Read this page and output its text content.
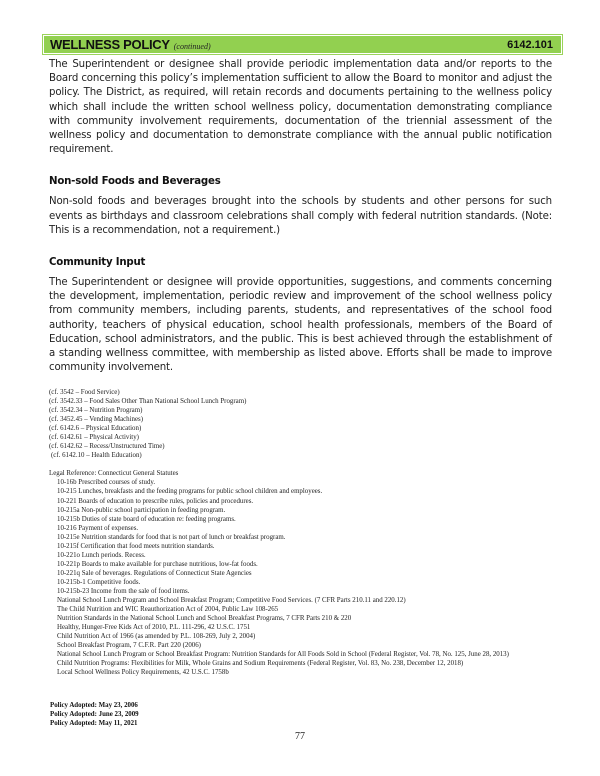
WELLNESS POLICY (continued)	6142.101

The Superintendent or designee shall provide periodic implementation data and/or reports to the Board concerning this policy’s implementation sufficient to allow the Board to monitor and adjust the policy. The District, as required, will retain records and documents pertaining to the wellness policy which shall include the written school wellness policy, documentation demonstrating compliance with community involvement requirements, documentation of the triennial assessment of the wellness policy and documentation to demonstrate compliance with the annual public notification requirement.

Non-sold Foods and Beverages

Non-sold foods and beverages brought into the schools by students and other persons for such events as birthdays and classroom celebrations shall comply with federal nutrition standards. (Note: This is a recommendation, not a requirement.)

Community Input

The Superintendent or designee will provide opportunities, suggestions, and comments concerning the development, implementation, periodic review and improvement of the school wellness policy from community members, including parents, students, and representatives of the school food authority, teachers of physical education, school health professionals, members of the Board of Education, school administrators, and the public. This is best achieved through the establishment of a standing wellness committee, with membership as listed above. Efforts shall be made to improve community involvement.

(cf. 3542 – Food Service)
(cf. 3542.33 – Food Sales Other Than National School Lunch Program)
(cf. 3542.34 – Nutrition Program)
(cf. 3452.45 – Vending Machines)
(cf. 6142.6 – Physical Education)
(cf. 6142.61 – Physical Activity)
(cf. 6142.62 – Recess/Unstructured Time)
(cf. 6142.10 – Health Education)
Legal Reference: Connecticut General Statutes
10-16b Prescribed courses of study.
10-215 Lunches, breakfasts and the feeding programs for public school children and employees.
10-221 Boards of education to prescribe rules, policies and procedures.
10-215a Non-public school participation in feeding program.
10-215b Duties of state board of education re: feeding programs.
10-216 Payment of expenses.
10-215e Nutrition standards for food that is not part of lunch or breakfast program.
10-215f Certification that food meets nutrition standards.
10-221o Lunch periods. Recess.
10-221p Boards to make available for purchase nutritious, low-fat foods.
10-221q Sale of beverages. Regulations of Connecticut State Agencies
10-215b-1 Competitive foods.
10-215b-23 Income from the sale of food items.
National School Lunch Program and School Breakfast Program; Competitive Food Services. (7 CFR Parts 210.11 and 220.12)
The Child Nutrition and WIC Reauthorization Act of 2004, Public Law 108-265
Nutrition Standards in the National School Lunch and School Breakfast Programs, 7 CFR Parts 210 & 220
Healthy, Hunger-Free Kids Act of 2010, P.L. 111-296, 42 U.S.C. 1751
Child Nutrition Act of 1966 (as amended by P.L. 108-269, July 2, 2004)
School Breakfast Program, 7 C.F.R. Part 220 (2006)
National School Lunch Program or School Breakfast Program: Nutrition Standards for All Foods Sold in School (Federal Register, Vol. 78, No. 125, June 28, 2013)
Child Nutrition Programs: Flexibilities for Milk, Whole Grains and Sodium Requirements (Federal Register, Vol. 83, No. 238, December 12, 2018)
Local School Wellness Policy Requirements, 42 U.S.C. 1758b
Policy Adopted: May 23, 2006
Policy Adopted: June 23, 2009
Policy Adopted: May 11, 2021
77
